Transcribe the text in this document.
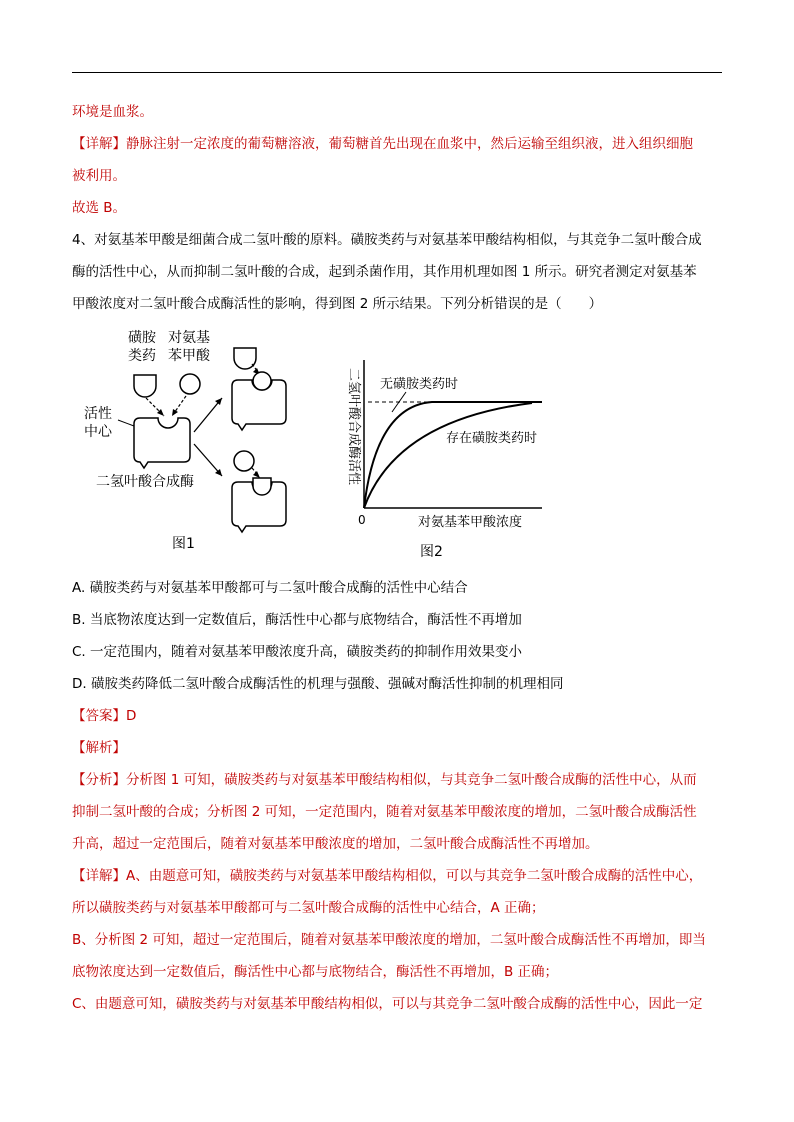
环境是血浆。
【详解】静脉注射一定浓度的葡萄糖溶液，葡萄糖首先出现在血浆中，然后运输至组织液，进入组织细胞
被利用。
故选 B。
4、对氨基苯甲酸是细菌合成二氢叶酸的原料。磺胺类药与对氨基苯甲酸结构相似，与其竞争二氢叶酸合成
酶的活性中心，从而抑制二氢叶酸的合成，起到杀菌作用，其作用机理如图 1 所示。研究者测定对氨基苯
甲酸浓度对二氢叶酸合成酶活性的影响，得到图 2 所示结果。下列分析错误的是（　　）
磺胺
类药
对氨基
苯甲酸
活性
中心
二氢叶酸合成酶
图1
二氢叶酸合成酶活性
0
无磺胺类药时
存在磺胺类药时
对氨基苯甲酸浓度
图2
A. 磺胺类药与对氨基苯甲酸都可与二氢叶酸合成酶的活性中心结合
B. 当底物浓度达到一定数值后，酶活性中心都与底物结合，酶活性不再增加
C. 一定范围内，随着对氨基苯甲酸浓度升高，磺胺类药的抑制作用效果变小
D. 磺胺类药降低二氢叶酸合成酶活性的机理与强酸、强碱对酶活性抑制的机理相同
【答案】D
【解析】
【分析】分析图 1 可知，磺胺类药与对氨基苯甲酸结构相似，与其竞争二氢叶酸合成酶的活性中心，从而
抑制二氢叶酸的合成；分析图 2 可知，一定范围内，随着对氨基苯甲酸浓度的增加，二氢叶酸合成酶活性
升高，超过一定范围后，随着对氨基苯甲酸浓度的增加，二氢叶酸合成酶活性不再增加。
【详解】A、由题意可知，磺胺类药与对氨基苯甲酸结构相似，可以与其竞争二氢叶酸合成酶的活性中心，
所以磺胺类药与对氨基苯甲酸都可与二氢叶酸合成酶的活性中心结合，A 正确；
B、分析图 2 可知，超过一定范围后，随着对氨基苯甲酸浓度的增加，二氢叶酸合成酶活性不再增加，即当
底物浓度达到一定数值后，酶活性中心都与底物结合，酶活性不再增加，B 正确；
C、由题意可知，磺胺类药与对氨基苯甲酸结构相似，可以与其竞争二氢叶酸合成酶的活性中心，因此一定
